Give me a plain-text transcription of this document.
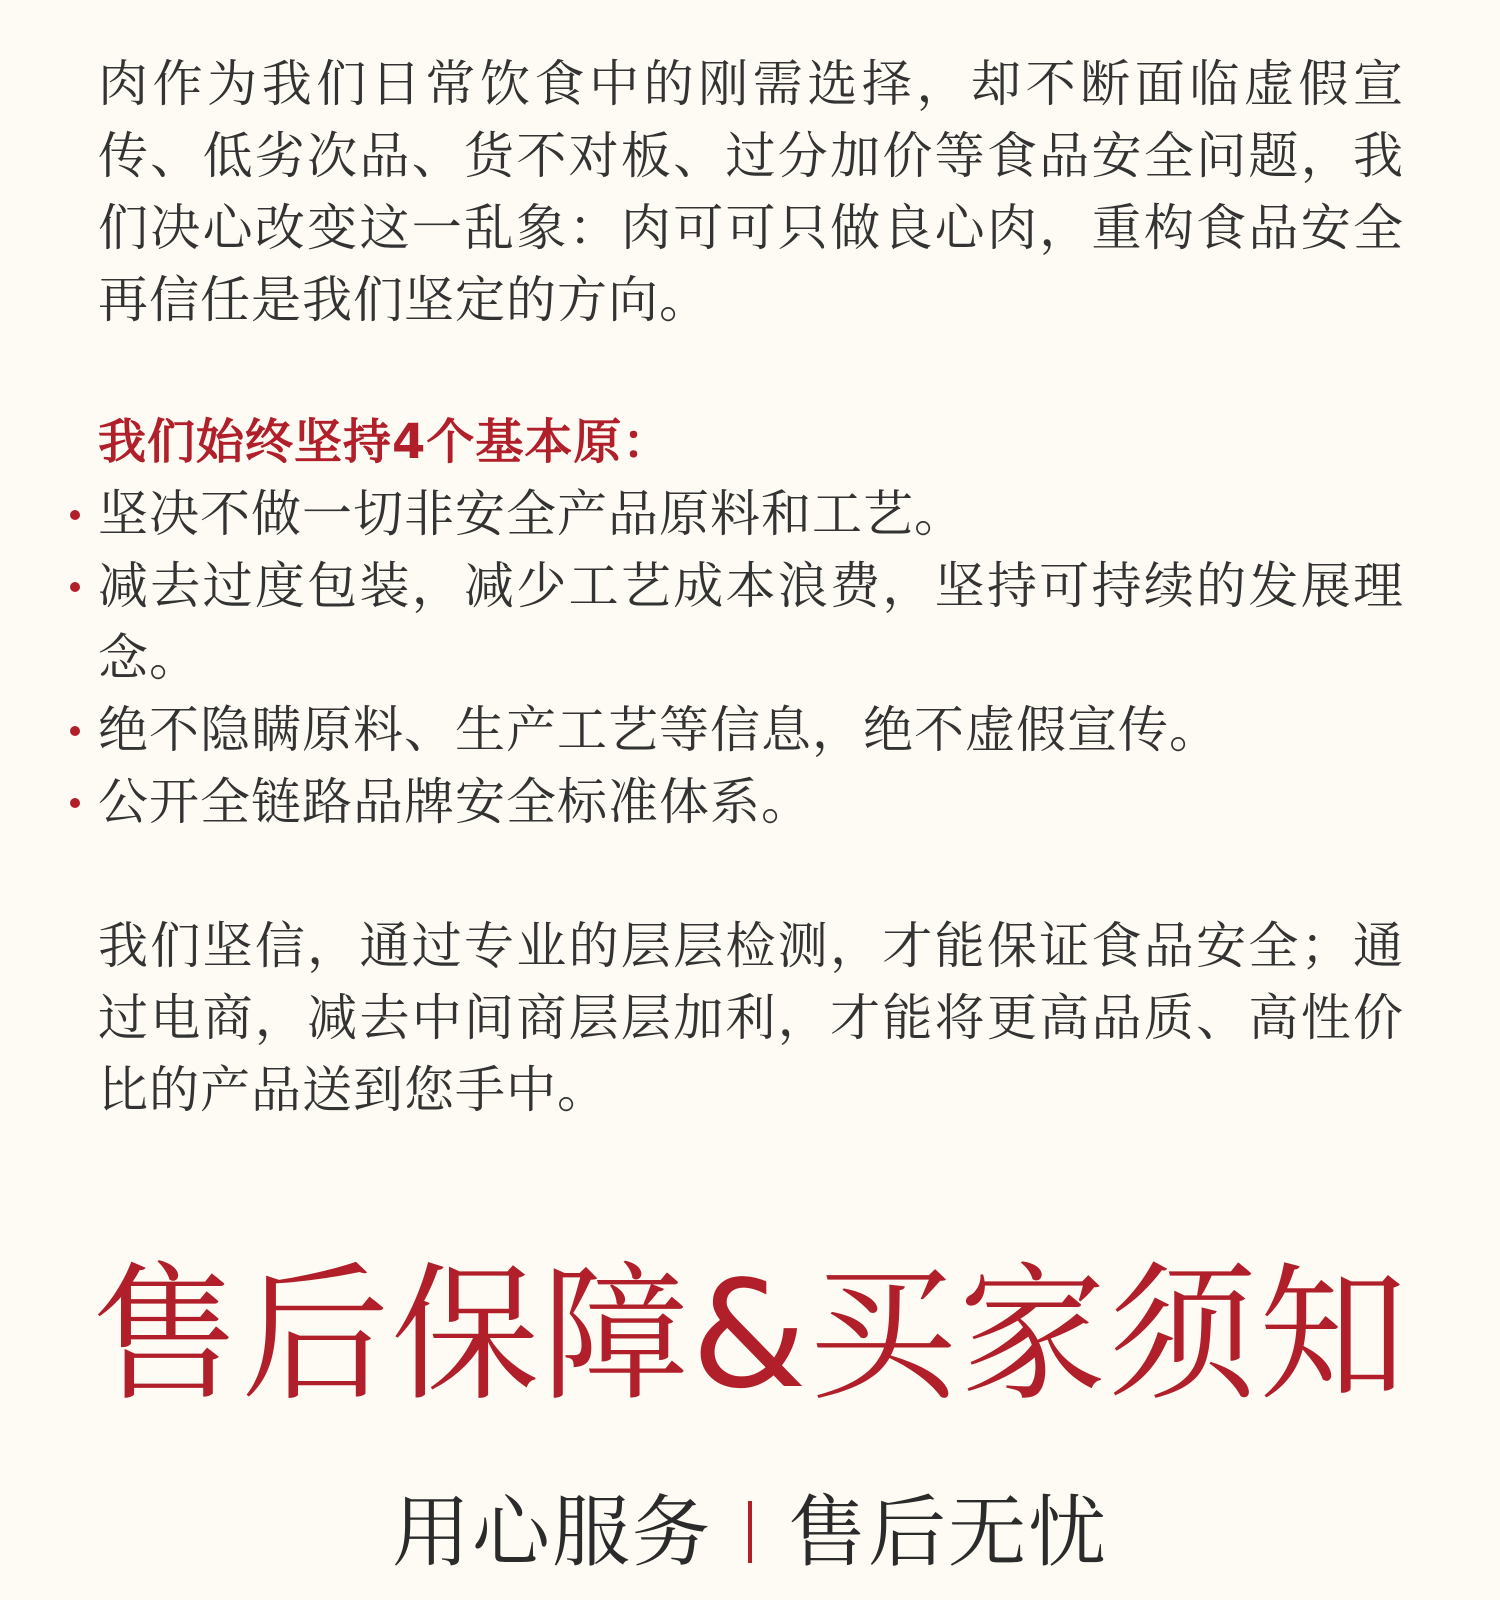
肉作为我们日常饮食中的刚需选择，却不断面临虚假宣传、低劣次品、货不对板、过分加价等食品安全问题，我们决心改变这一乱象：肉可可只做良心肉，重构食品安全再信任是我们坚定的方向。

我们始终坚持4个基本原：
坚决不做一切非安全产品原料和工艺。
减去过度包装，减少工艺成本浪费，坚持可持续的发展理念。
绝不隐瞒原料、生产工艺等信息，绝不虚假宣传。
公开全链路品牌安全标准体系。

我们坚信，通过专业的层层检测，才能保证食品安全；通过电商，减去中间商层层加利，才能将更高品质、高性价比的产品送到您手中。

售后保障&买家须知
用心服务 售后无忧
